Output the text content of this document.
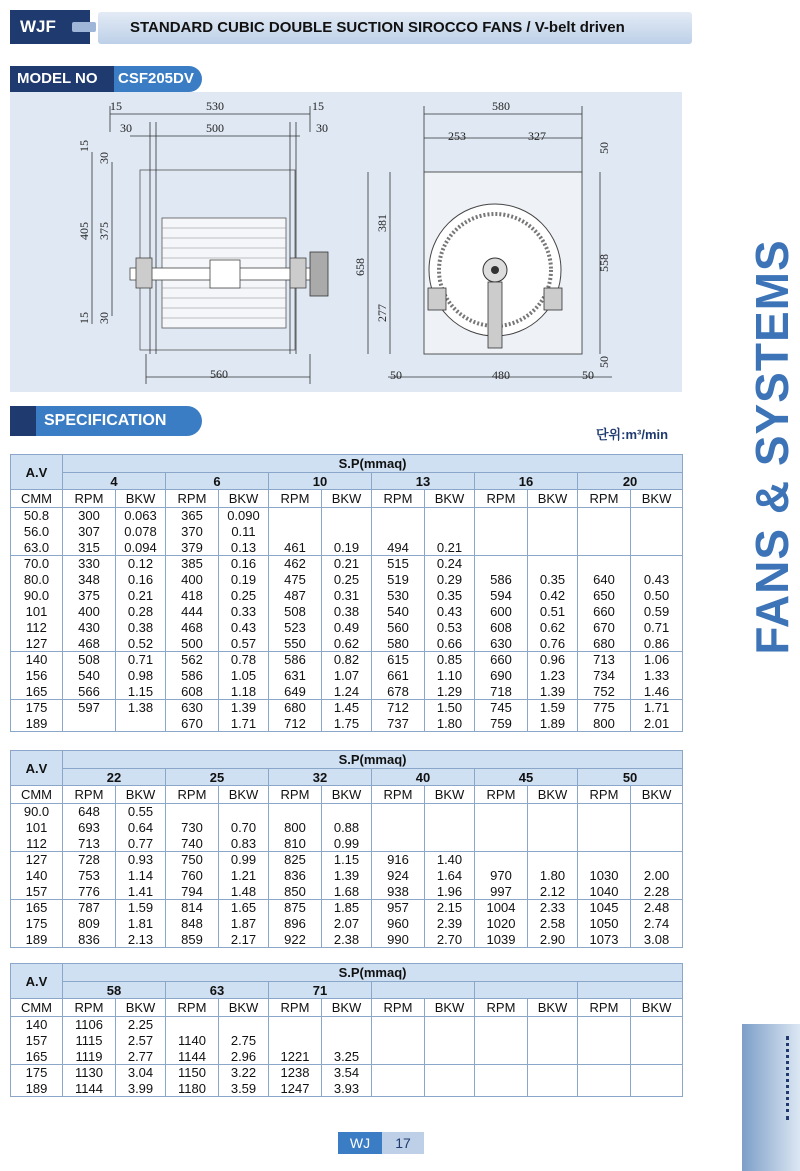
WJF	STANDARD CUBIC DOUBLE SUCTION SIROCCO FANS / V-belt driven
MODEL NO	CSF205DV
15	530	15
30	500	30
15
30
405 375
15 30
560
580
253	327
50
658
381
277
558
50
50	480	50
SPECIFICATION
단위:m³/min
A.V	S.P(mmaq)											
	4		6		10		13		16		20	
CMM	RPM	BKW	RPM	BKW	RPM	BKW	RPM	BKW	RPM	BKW	RPM	BKW
50.8	300	0.063	365	0.090								
56.0	307	0.078	370	0.11								
63.0	315	0.094	379	0.13	461	0.19	494	0.21				
70.0	330	0.12	385	0.16	462	0.21	515	0.24				
80.0	348	0.16	400	0.19	475	0.25	519	0.29	586	0.35	640	0.43
90.0	375	0.21	418	0.25	487	0.31	530	0.35	594	0.42	650	0.50
101	400	0.28	444	0.33	508	0.38	540	0.43	600	0.51	660	0.59
112	430	0.38	468	0.43	523	0.49	560	0.53	608	0.62	670	0.71
127	468	0.52	500	0.57	550	0.62	580	0.66	630	0.76	680	0.86
140	508	0.71	562	0.78	586	0.82	615	0.85	660	0.96	713	1.06
156	540	0.98	586	1.05	631	1.07	661	1.10	690	1.23	734	1.33
165	566	1.15	608	1.18	649	1.24	678	1.29	718	1.39	752	1.46
175	597	1.38	630	1.39	680	1.45	712	1.50	745	1.59	775	1.71
189			670	1.71	712	1.75	737	1.80	759	1.89	800	2.01
A.V	S.P(mmaq)											
	22		25		32		40		45		50	
CMM	RPM	BKW	RPM	BKW	RPM	BKW	RPM	BKW	RPM	BKW	RPM	BKW
90.0	648	0.55										
101	693	0.64	730	0.70	800	0.88						
112	713	0.77	740	0.83	810	0.99						
127	728	0.93	750	0.99	825	1.15	916	1.40				
140	753	1.14	760	1.21	836	1.39	924	1.64	970	1.80	1030	2.00
157	776	1.41	794	1.48	850	1.68	938	1.96	997	2.12	1040	2.28
165	787	1.59	814	1.65	875	1.85	957	2.15	1004	2.33	1045	2.48
175	809	1.81	848	1.87	896	2.07	960	2.39	1020	2.58	1050	2.74
189	836	2.13	859	2.17	922	2.38	990	2.70	1039	2.90	1073	3.08
A.V	S.P(mmaq)											
	58		63		71							
CMM	RPM	BKW	RPM	BKW	RPM	BKW	RPM	BKW	RPM	BKW	RPM	BKW
140	1106	2.25										
157	1115	2.57	1140	2.75								
165	1119	2.77	1144	2.96	1221	3.25						
175	1130	3.04	1150	3.22	1238	3.54						
189	1144	3.99	1180	3.59	1247	3.93						
FANS & SYSTEMS
WJ	17
